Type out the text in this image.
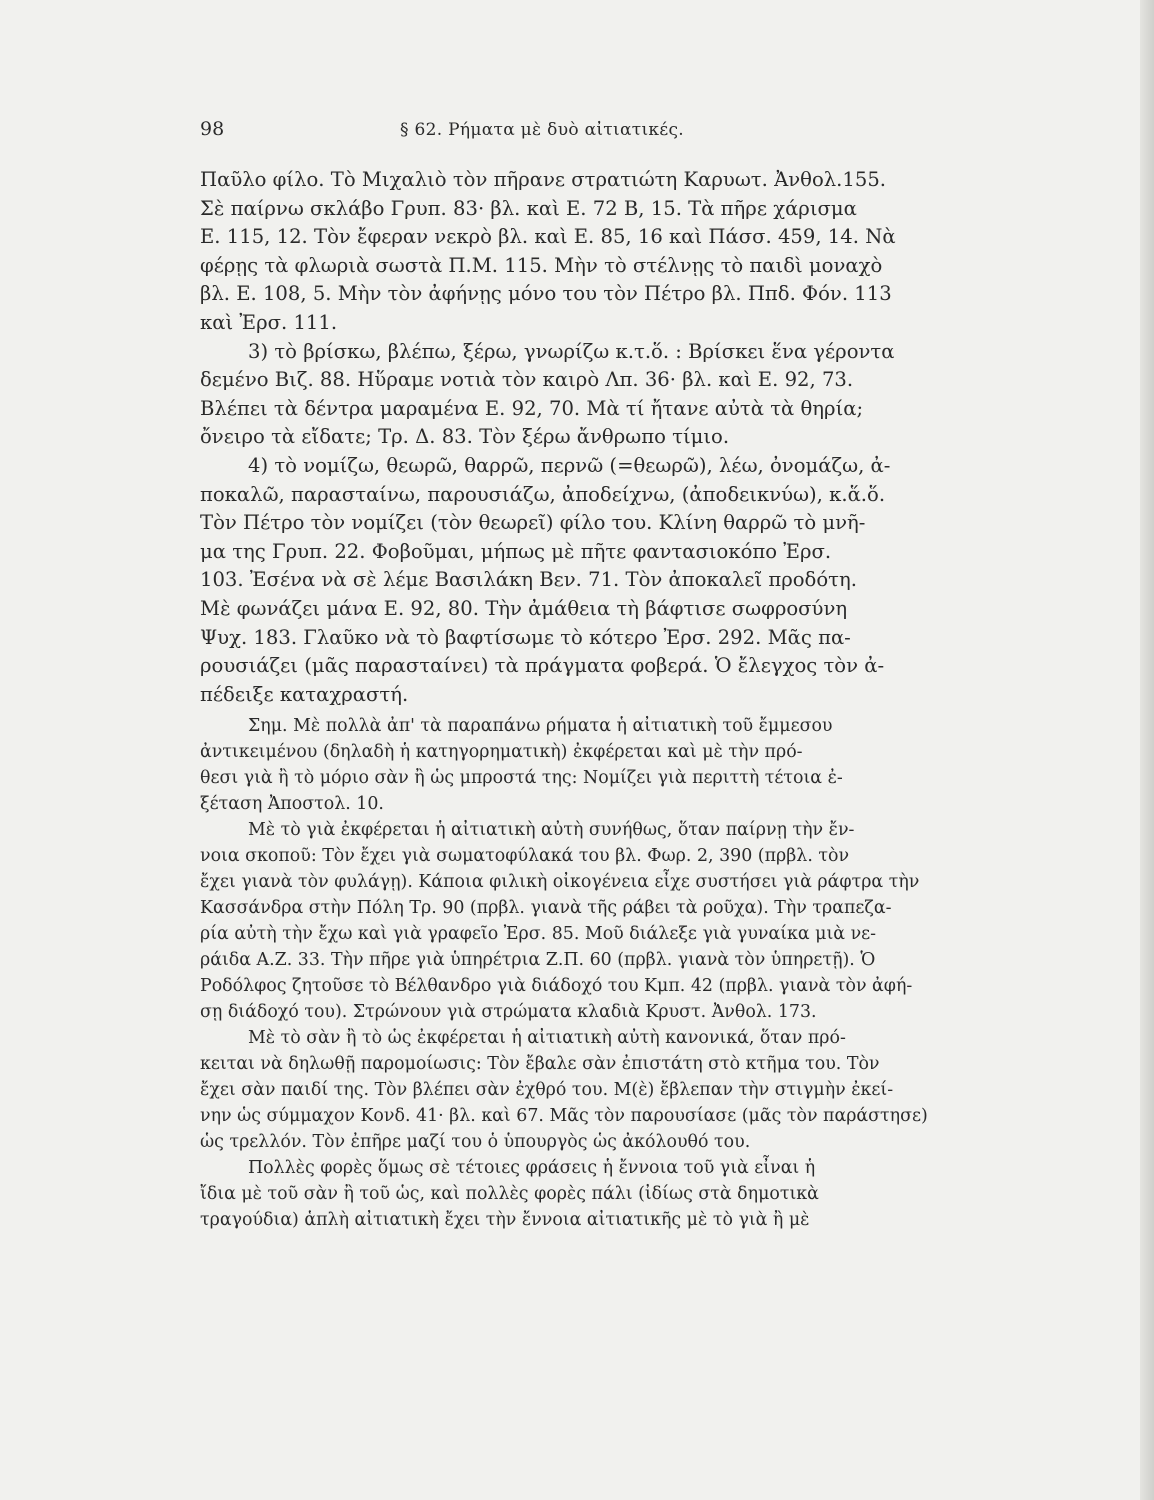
98	§ 62. Ρήματα μὲ δυὸ αἰτιατικές.
Παῦλο φίλο. Τὸ Μιχαλιὸ τὸν πῆρανε στρατιώτη Καρυωτ. Ἀνθολ.155.
Σὲ παίρνω σκλάβο Γρυπ. 83· βλ. καὶ Ε. 72 Β, 15. Τὰ πῆρε χάρισμα
Ε. 115, 12. Τὸν ἔφεραν νεκρὸ βλ. καὶ Ε. 85, 16 καὶ Πάσσ. 459, 14. Νὰ
φέρῃς τὰ φλωριὰ σωστὰ Π.Μ. 115. Μὴν τὸ στέλνῃς τὸ παιδὶ μοναχὸ
βλ. Ε. 108, 5. Μὴν τὸν ἀφήνῃς μόνο του τὸν Πέτρο βλ. Ππδ. Φόν. 113
καὶ Ἐρσ. 111.
3) τὸ βρίσκω, βλέπω, ξέρω, γνωρίζω κ.τ.ὅ. : Βρίσκει ἕνα γέροντα
δεμένο Βιζ. 88. Ηὕραμε νοτιὰ τὸν καιρὸ Λπ. 36· βλ. καὶ Ε. 92, 73.
Βλέπει τὰ δέντρα μαραμένα Ε. 92, 70. Μὰ τί ἤτανε αὐτὰ τὰ θηρία;
ὄνειρο τὰ εἴδατε; Τρ. Δ. 83. Τὸν ξέρω ἄνθρωπο τίμιο.
4) τὸ νομίζω, θεωρῶ, θαρρῶ, περνῶ (=θεωρῶ), λέω, ὀνομάζω, ἀ-
ποκαλῶ, παρασταίνω, παρουσιάζω, ἀποδείχνω, (ἀποδεικνύω), κ.ἅ.ὅ.
Τὸν Πέτρο τὸν νομίζει (τὸν θεωρεῖ) φίλο του. Κλίνη θαρρῶ τὸ μνῆ-
μα της Γρυπ. 22. Φοβοῦμαι, μήπως μὲ πῆτε φαντασιοκόπο Ἐρσ.
103. Ἐσένα νὰ σὲ λέμε Βασιλάκη Βεν. 71. Τὸν ἀποκαλεῖ προδότη.
Μὲ φωνάζει μάνα Ε. 92, 80. Τὴν ἀμάθεια τὴ βάφτισε σωφροσύνη
Ψυχ. 183. Γλαῦκο νὰ τὸ βαφτίσωμε τὸ κότερο Ἐρσ. 292. Μᾶς πα-
ρουσιάζει (μᾶς παρασταίνει) τὰ πράγματα φοβερά. Ὁ ἔλεγχος τὸν ἀ-
πέδειξε καταχραστή.
Σημ. Μὲ πολλὰ ἀπ' τὰ παραπάνω ρήματα ἡ αἰτιατικὴ τοῦ ἔμμεσου
ἀντικειμένου (δηλαδὴ ἡ κατηγορηματικὴ) ἐκφέρεται καὶ μὲ τὴν πρό-
θεσι γιὰ ἢ τὸ μόριο σὰν ἢ ὡς μπροστά της: Νομίζει γιὰ περιττὴ τέτοια ἐ-
ξέταση Ἀποστολ. 10.
Μὲ τὸ γιὰ ἐκφέρεται ἡ αἰτιατικὴ αὐτὴ συνήθως, ὅταν παίρνῃ τὴν ἔν-
νοια σκοποῦ: Τὸν ἔχει γιὰ σωματοφύλακά του βλ. Φωρ. 2, 390 (πρβλ. τὸν
ἔχει γιανὰ τὸν φυλάγῃ). Κάποια φιλικὴ οἰκογένεια εἶχε συστήσει γιὰ ράφτρα τὴν
Κασσάνδρα στὴν Πόλη Τρ. 90 (πρβλ. γιανὰ τῆς ράβει τὰ ροῦχα). Τὴν τραπεζα-
ρία αὐτὴ τὴν ἔχω καὶ γιὰ γραφεῖο Ἐρσ. 85. Μοῦ διάλεξε γιὰ γυναίκα μιὰ νε-
ράιδα Α.Ζ. 33. Τὴν πῆρε γιὰ ὑπηρέτρια Ζ.Π. 60 (πρβλ. γιανὰ τὸν ὑπηρετῇ). Ὁ
Ροδόλφος ζητοῦσε τὸ Βέλθανδρο γιὰ διάδοχό του Κμπ. 42 (πρβλ. γιανὰ τὸν ἀφή-
σῃ διάδοχό του). Στρώνουν γιὰ στρώματα κλαδιὰ Κρυστ. Ἀνθολ. 173.
Μὲ τὸ σὰν ἢ τὸ ὡς ἐκφέρεται ἡ αἰτιατικὴ αὐτὴ κανονικά, ὅταν πρό-
κειται νὰ δηλωθῇ παρομοίωσις: Τὸν ἔβαλε σὰν ἐπιστάτη στὸ κτῆμα του. Τὸν
ἔχει σὰν παιδί της. Τὸν βλέπει σὰν ἐχθρό του. Μ(ὲ) ἔβλεπαν τὴν στιγμὴν ἐκεί-
νην ὡς σύμμαχον Κονδ. 41· βλ. καὶ 67. Μᾶς τὸν παρουσίασε (μᾶς τὸν παράστησε)
ὡς τρελλόν. Τὸν ἐπῆρε μαζί του ὁ ὑπουργὸς ὡς ἀκόλουθό του.
Πολλὲς φορὲς ὅμως σὲ τέτοιες φράσεις ἡ ἔννοια τοῦ γιὰ εἶναι ἡ
ἴδια μὲ τοῦ σὰν ἢ τοῦ ὡς, καὶ πολλὲς φορὲς πάλι (ἰδίως στὰ δημοτικὰ
τραγούδια) ἁπλὴ αἰτιατικὴ ἔχει τὴν ἔννοια αἰτιατικῆς μὲ τὸ γιὰ ἢ μὲ
